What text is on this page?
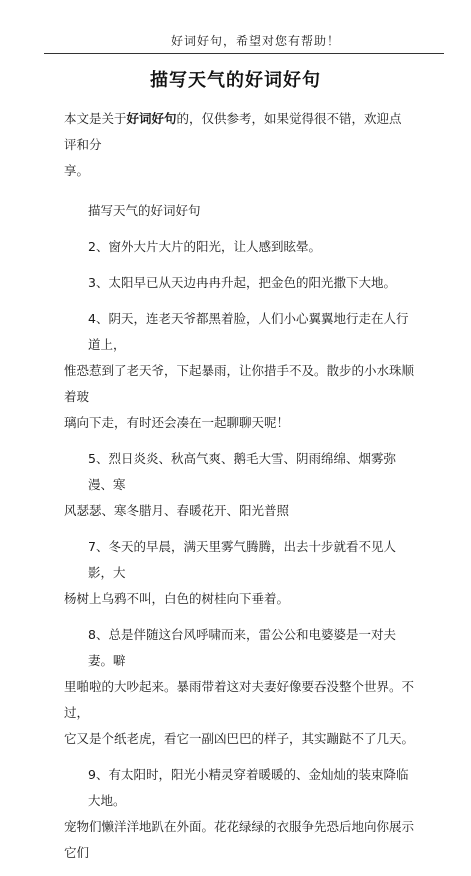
好词好句，希望对您有帮助！
描写天气的好词好句

本文是关于好词好句的，仅供参考，如果觉得很不错，欢迎点评和分
享。

描写天气的好词好句

2、窗外大片大片的阳光，让人感到眩晕。

3、太阳早已从天边冉冉升起，把金色的阳光撒下大地。

4、阴天，连老天爷都黑着脸，人们小心翼翼地行走在人行道上，
惟恐惹到了老天爷，下起暴雨，让你措手不及。散步的小水珠顺着玻
璃向下走，有时还会凑在一起聊聊天呢！

5、烈日炎炎、秋高气爽、鹅毛大雪、阴雨绵绵、烟雾弥漫、寒
风瑟瑟、寒冬腊月、春暖花开、阳光普照

7、冬天的早晨，满天里雾气腾腾，出去十步就看不见人影，大
杨树上乌鸦不叫，白色的树桂向下垂着。

8、总是伴随这台风呼啸而来，雷公公和电婆婆是一对夫妻。噼
里啪啦的大吵起来。暴雨带着这对夫妻好像要吞没整个世界。不过，
它又是个纸老虎，看它一副凶巴巴的样子，其实蹦跶不了几天。

9、有太阳时，阳光小精灵穿着暖暖的、金灿灿的装束降临大地。
宠物们懒洋洋地趴在外面。花花绿绿的衣服争先恐后地向你展示它们
